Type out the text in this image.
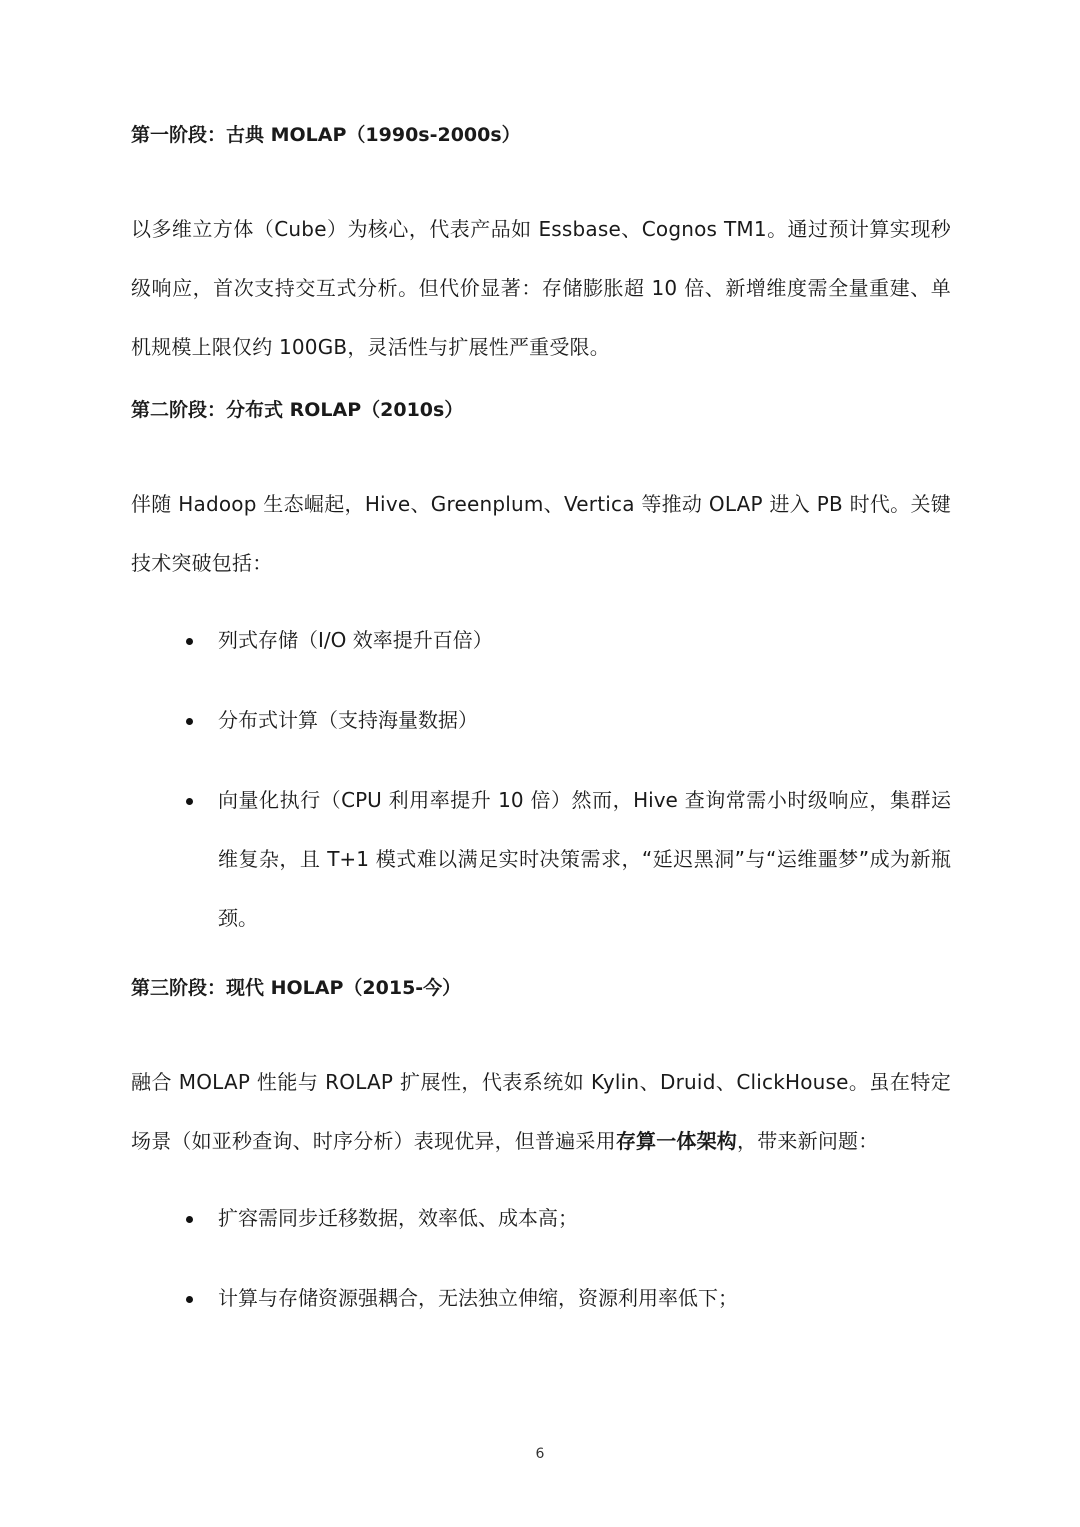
第一阶段：古典 MOLAP（1990s-2000s）

以多维立方体（Cube）为核心，代表产品如 Essbase、Cognos TM1。通过预计算实现秒级响应，首次支持交互式分析。但代价显著：存储膨胀超 10 倍、新增维度需全量重建、单机规模上限仅约 100GB，灵活性与扩展性严重受限。

第二阶段：分布式 ROLAP（2010s）

伴随 Hadoop 生态崛起，Hive、Greenplum、Vertica 等推动 OLAP 进入 PB 时代。关键技术突破包括：

列式存储（I/O 效率提升百倍）
分布式计算（支持海量数据）
向量化执行（CPU 利用率提升 10 倍）然而，Hive 查询常需小时级响应，集群运维复杂，且 T+1 模式难以满足实时决策需求，“延迟黑洞”与“运维噩梦”成为新瓶颈。
第三阶段：现代 HOLAP（2015-今）

融合 MOLAP 性能与 ROLAP 扩展性，代表系统如 Kylin、Druid、ClickHouse。虽在特定场景（如亚秒查询、时序分析）表现优异，但普遍采用存算一体架构，带来新问题：

扩容需同步迁移数据，效率低、成本高；
计算与存储资源强耦合，无法独立伸缩，资源利用率低下；
6
